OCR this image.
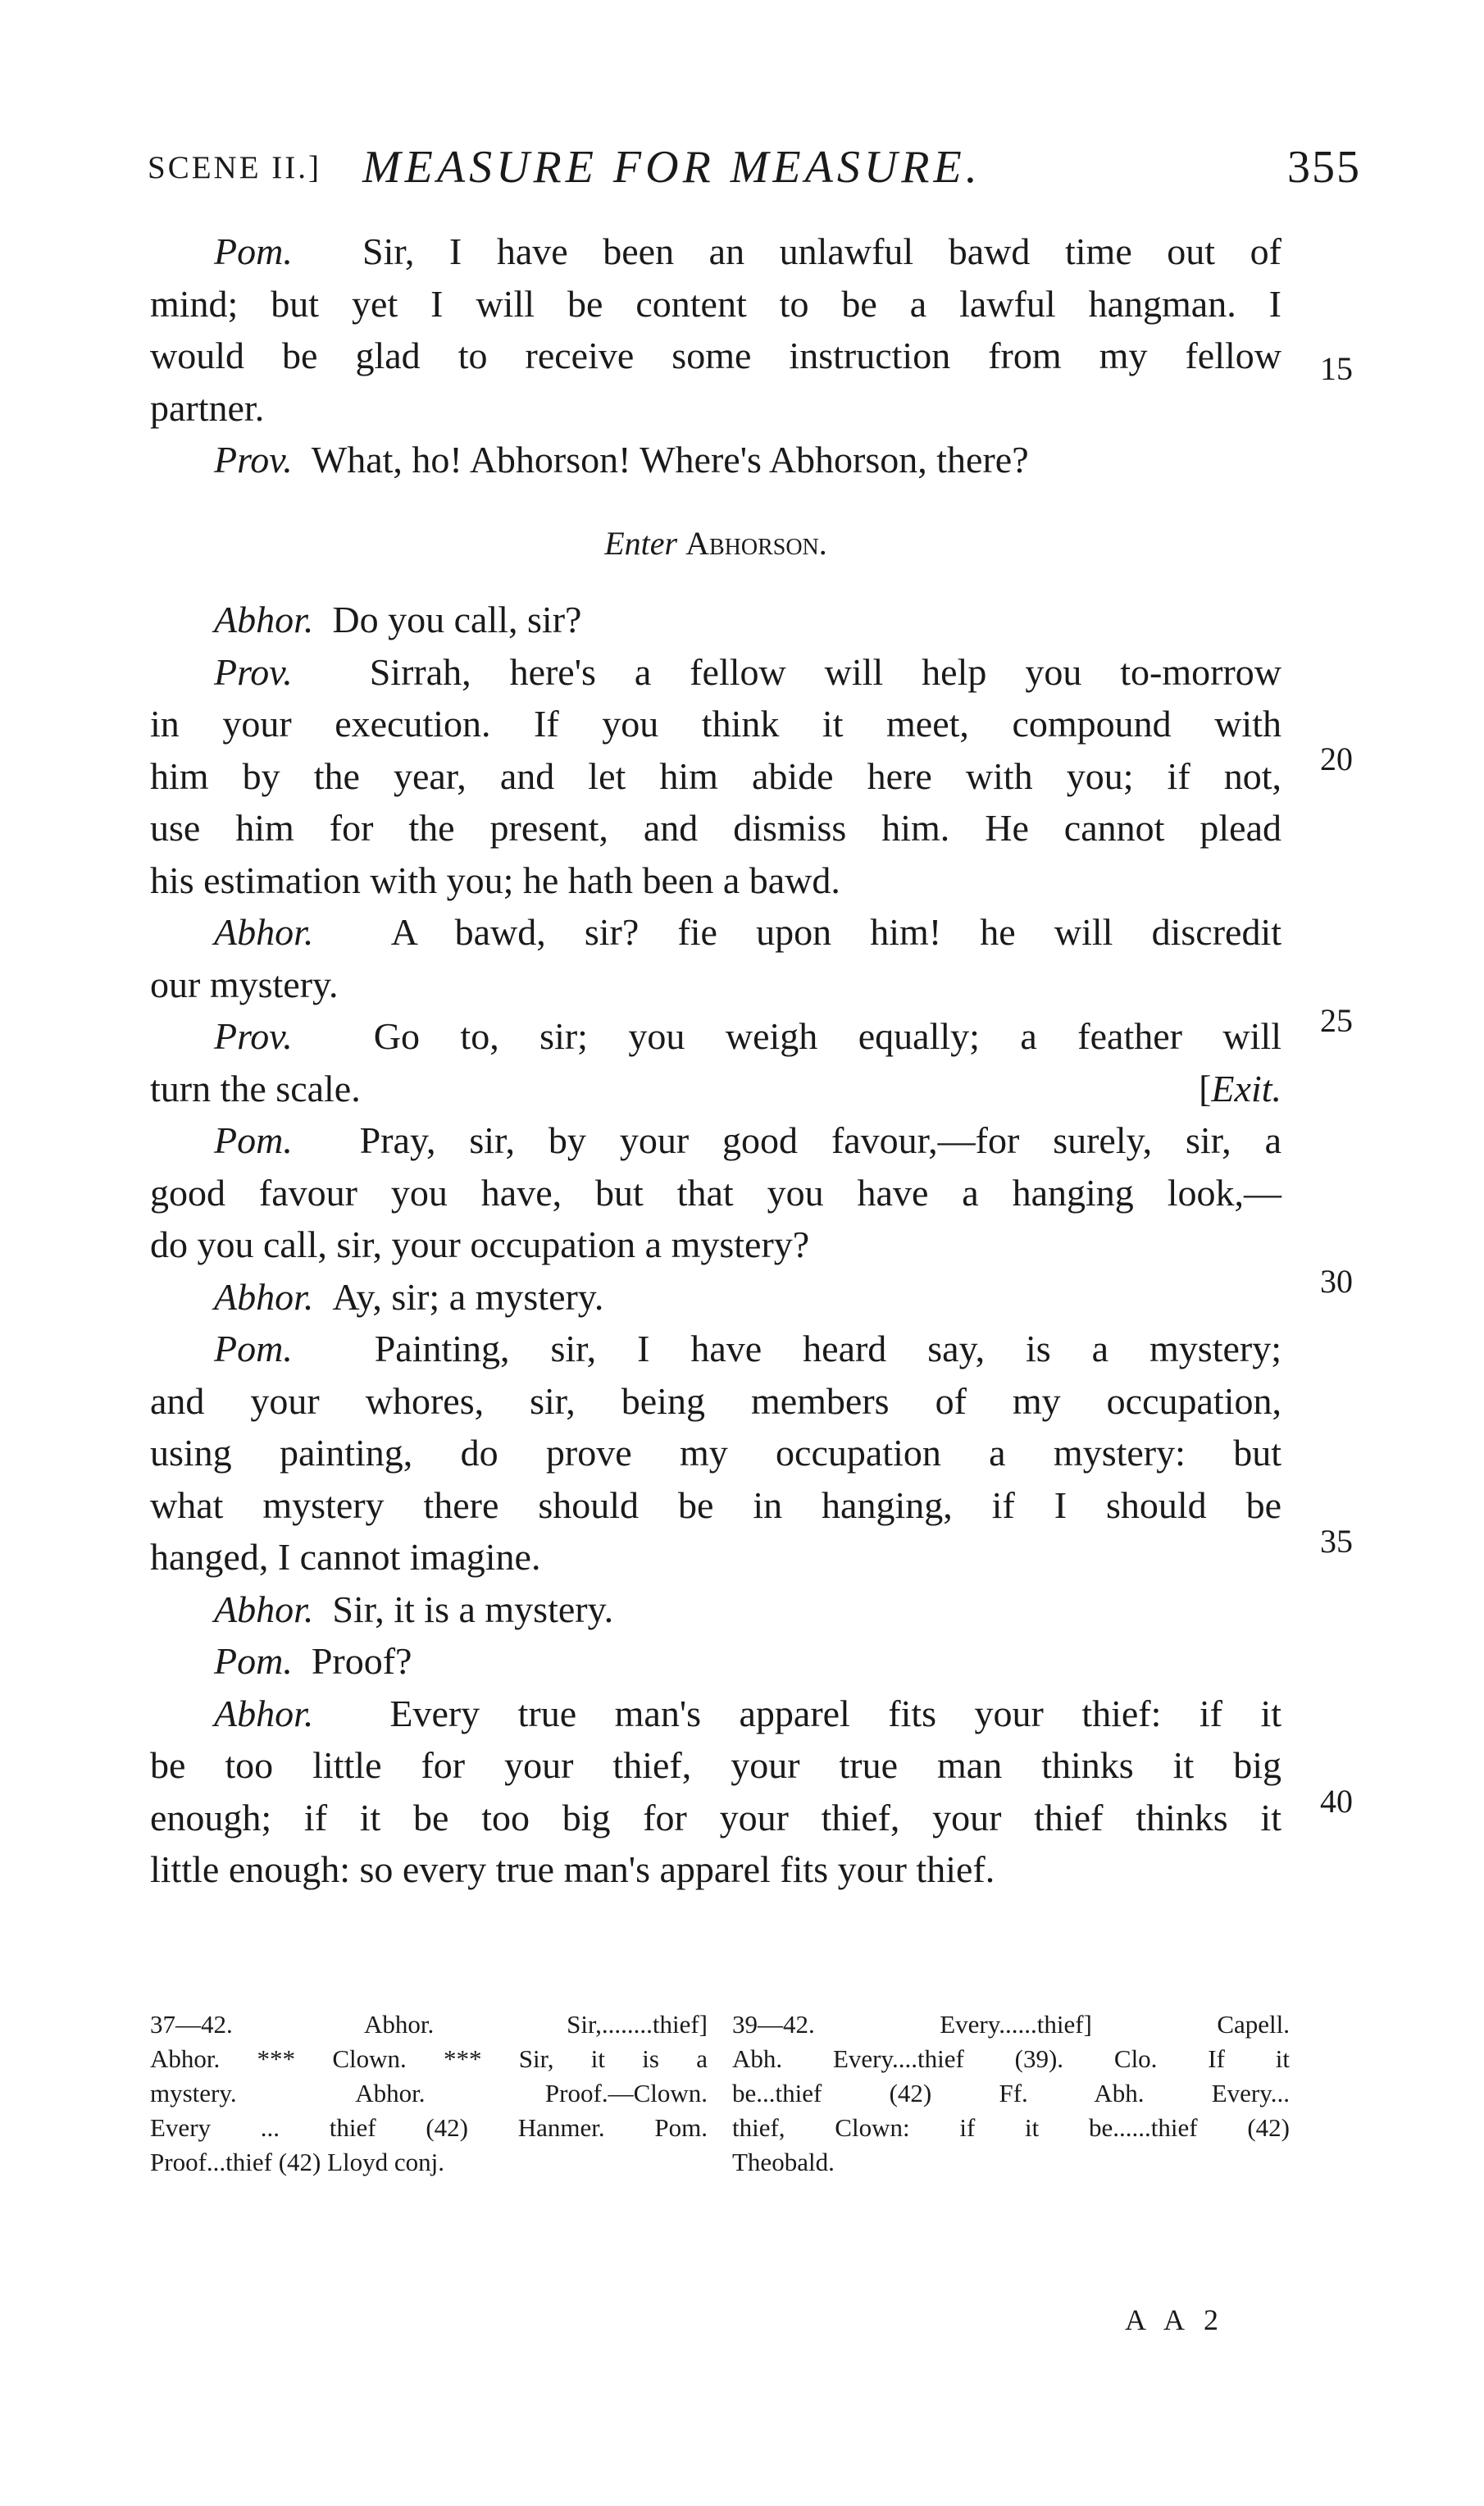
SCENE II.] MEASURE FOR MEASURE.	355
Pom. Sir, I have been an unlawful bawd time out of
mind; but yet I will be content to be a lawful hangman. I
would be glad to receive some instruction from my fellow
partner.
Prov. What, ho! Abhorson! Where's Abhorson, there?
Enter Abhorson.
Abhor. Do you call, sir?
Prov. Sirrah, here's a fellow will help you to-morrow
in your execution. If you think it meet, compound with
him by the year, and let him abide here with you; if not,
use him for the present, and dismiss him. He cannot plead
his estimation with you; he hath been a bawd.
Abhor. A bawd, sir? fie upon him! he will discredit
our mystery.
Prov. Go to, sir; you weigh equally; a feather will
turn the scale.	[Exit.
Pom. Pray, sir, by your good favour,—for surely, sir, a
good favour you have, but that you have a hanging look,—
do you call, sir, your occupation a mystery?
Abhor. Ay, sir; a mystery.
Pom. Painting, sir, I have heard say, is a mystery;
and your whores, sir, being members of my occupation,
using painting, do prove my occupation a mystery: but
what mystery there should be in hanging, if I should be
hanged, I cannot imagine.
Abhor. Sir, it is a mystery.
Pom. Proof?
Abhor. Every true man's apparel fits your thief: if it
be too little for your thief, your true man thinks it big
enough; if it be too big for your thief, your thief thinks it
little enough: so every true man's apparel fits your thief.
15
20
25
30
35
40
37—42. Abhor. Sir,........thief]
Abhor. *** Clown. *** Sir, it is a
mystery. Abhor. Proof.—Clown.
Every ... thief (42) Hanmer. Pom.
Proof...thief (42) Lloyd conj.
39—42. Every......thief] Capell.
Abh. Every....thief (39). Clo. If it
be...thief (42) Ff. Abh. Every...
thief, Clown: if it be......thief (42)
Theobald.
A A 2
